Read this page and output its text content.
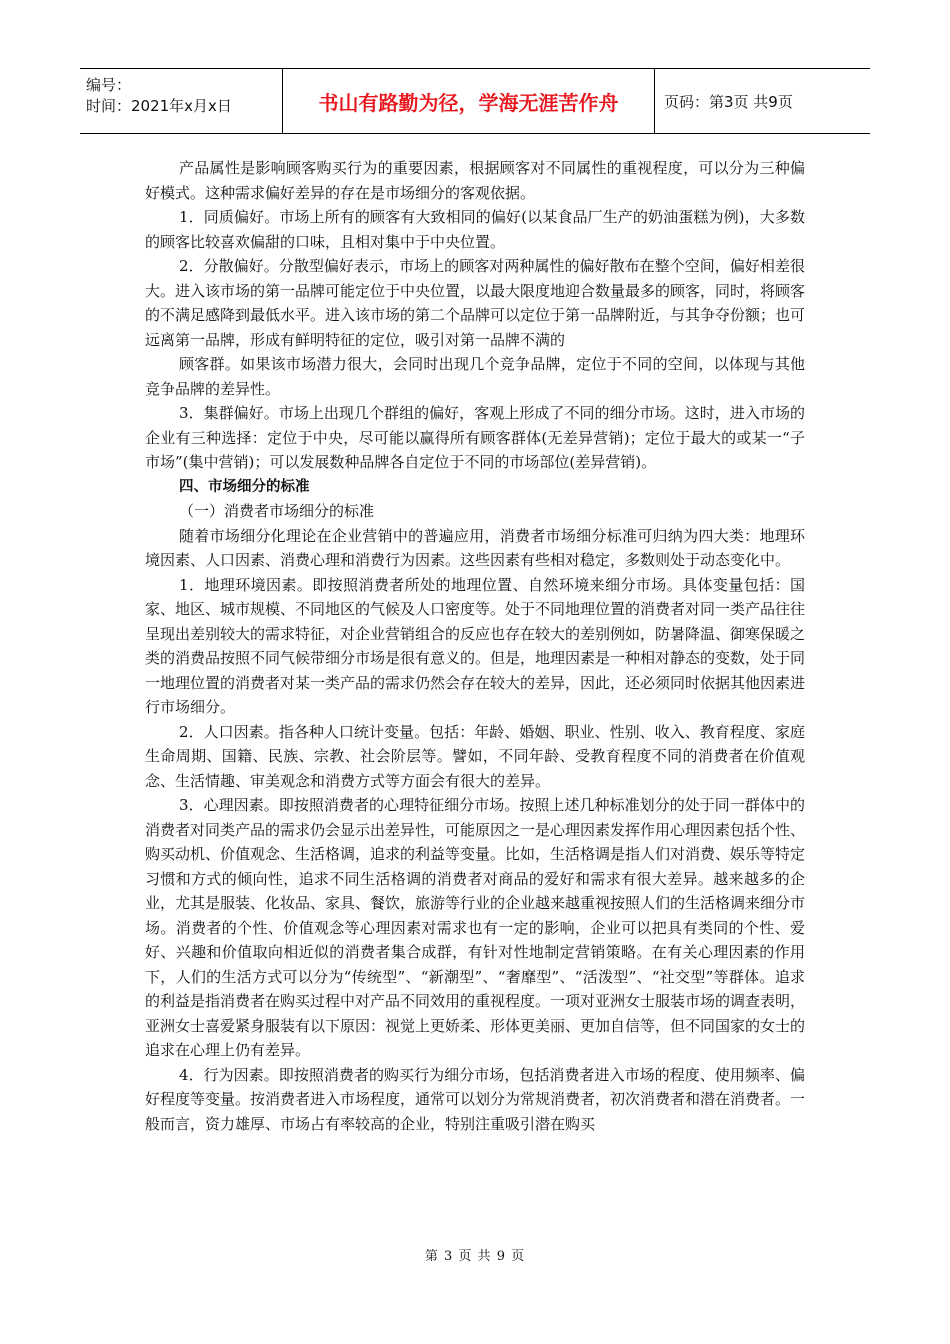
编号：
时间：2021年x月x日	书山有路勤为径，学海无涯苦作舟	页码：第3页 共9页

产品属性是影响顾客购买行为的重要因素，根据顾客对不同属性的重视程度，可以分为三种偏好模式。这种需求偏好差异的存在是市场细分的客观依据。

1．同质偏好。市场上所有的顾客有大致相同的偏好(以某食品厂生产的奶油蛋糕为例)，大多数的顾客比较喜欢偏甜的口味，且相对集中于中央位置。

2．分散偏好。分散型偏好表示，市场上的顾客对两种属性的偏好散布在整个空间，偏好相差很大。进入该市场的第一品牌可能定位于中央位置，以最大限度地迎合数量最多的顾客，同时，将顾客的不满足感降到最低水平。进入该市场的第二个品牌可以定位于第一品牌附近，与其争夺份额；也可远离第一品牌，形成有鲜明特征的定位，吸引对第一品牌不满的

顾客群。如果该市场潜力很大，会同时出现几个竞争品牌，定位于不同的空间，以体现与其他竞争品牌的差异性。

3．集群偏好。市场上出现几个群组的偏好，客观上形成了不同的细分市场。这时，进入市场的企业有三种选择：定位于中央，尽可能以赢得所有顾客群体(无差异营销)；定位于最大的或某一“子市场”(集中营销)；可以发展数种品牌各自定位于不同的市场部位(差异营销)。

四、市场细分的标准

（一）消费者市场细分的标准

随着市场细分化理论在企业营销中的普遍应用，消费者市场细分标准可归纳为四大类：地理环境因素、人口因素、消费心理和消费行为因素。这些因素有些相对稳定，多数则处于动态变化中。

1．地理环境因素。即按照消费者所处的地理位置、自然环境来细分市场。具体变量包括：国家、地区、城市规模、不同地区的气候及人口密度等。处于不同地理位置的消费者对同一类产品往往呈现出差别较大的需求特征，对企业营销组合的反应也存在较大的差别例如，防暑降温、御寒保暖之类的消费品按照不同气候带细分市场是很有意义的。但是，地理因素是一种相对静态的变数，处于同一地理位置的消费者对某一类产品的需求仍然会存在较大的差异，因此，还必须同时依据其他因素进行市场细分。

2．人口因素。指各种人口统计变量。包括：年龄、婚姻、职业、性别、收入、教育程度、家庭生命周期、国籍、民族、宗教、社会阶层等。譬如，不同年龄、受教育程度不同的消费者在价值观念、生活情趣、审美观念和消费方式等方面会有很大的差异。

3．心理因素。即按照消费者的心理特征细分市场。按照上述几种标准划分的处于同一群体中的消费者对同类产品的需求仍会显示出差异性，可能原因之一是心理因素发挥作用心理因素包括个性、购买动机、价值观念、生活格调，追求的利益等变量。比如，生活格调是指人们对消费、娱乐等特定习惯和方式的倾向性，追求不同生活格调的消费者对商品的爱好和需求有很大差异。越来越多的企业，尤其是服装、化妆品、家具、餐饮，旅游等行业的企业越来越重视按照人们的生活格调来细分市场。消费者的个性、价值观念等心理因素对需求也有一定的影响，企业可以把具有类同的个性、爱好、兴趣和价值取向相近似的消费者集合成群，有针对性地制定营销策略。在有关心理因素的作用下，人们的生活方式可以分为“传统型”、“新潮型”、“奢靡型”、“活泼型”、“社交型”等群体。追求的利益是指消费者在购买过程中对产品不同效用的重视程度。一项对亚洲女士服装市场的调查表明，亚洲女士喜爱紧身服装有以下原因：视觉上更娇柔、形体更美丽、更加自信等，但不同国家的女士的追求在心理上仍有差异。

4．行为因素。即按照消费者的购买行为细分市场，包括消费者进入市场的程度、使用频率、偏好程度等变量。按消费者进入市场程度，通常可以划分为常规消费者，初次消费者和潜在消费者。一般而言，资力雄厚、市场占有率较高的企业，特别注重吸引潜在购买

第 3 页 共 9 页
